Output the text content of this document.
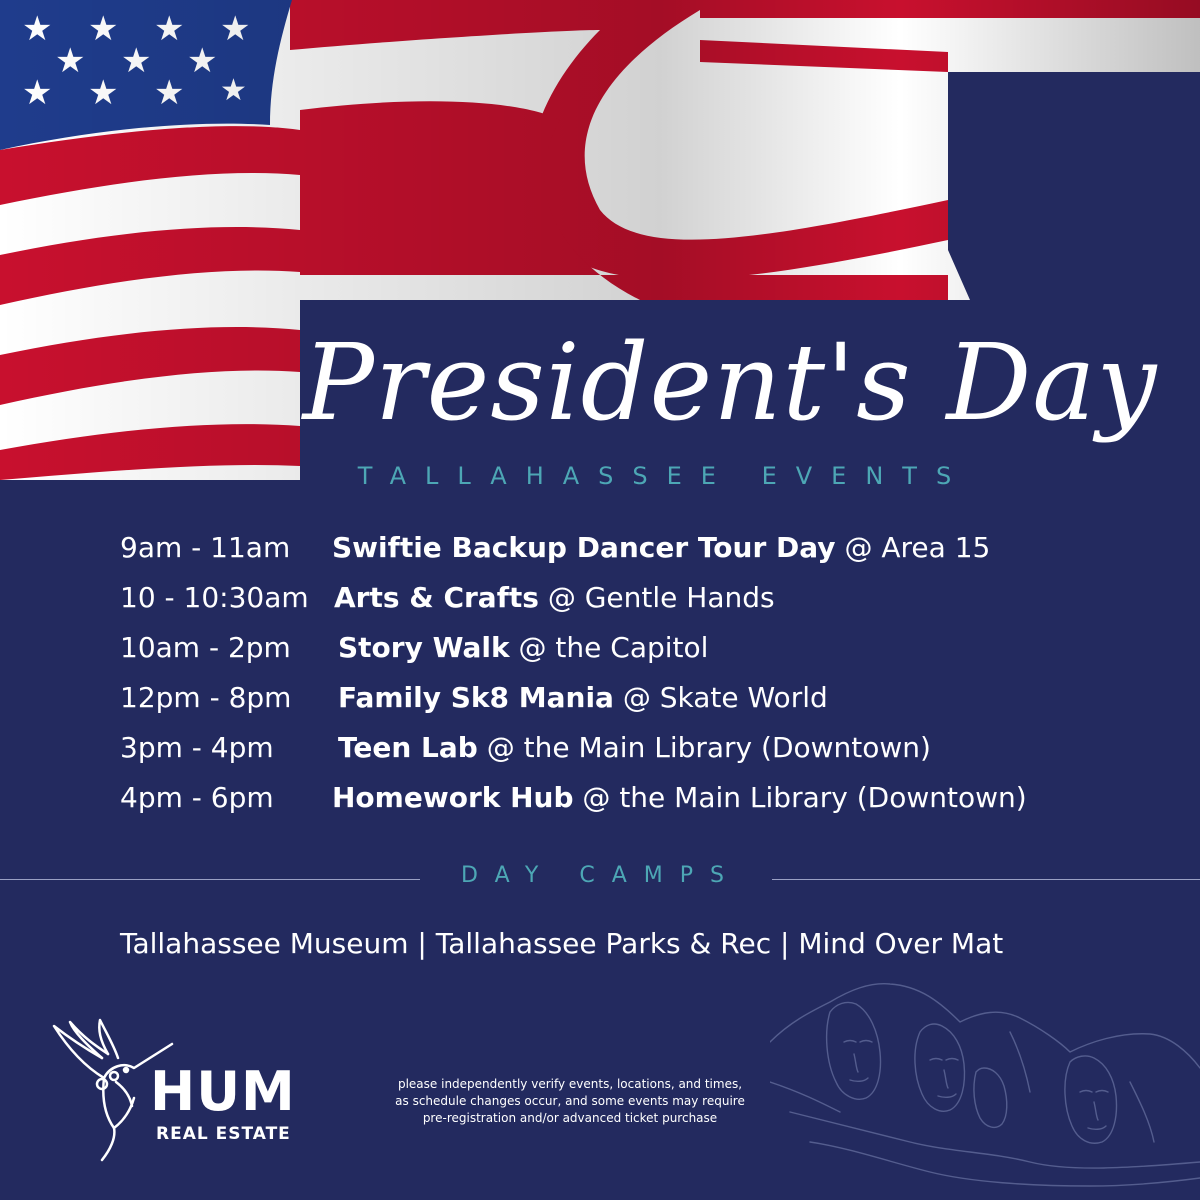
President's Day
TALLAHASSEE EVENTS
9am - 11am Swiftie Backup Dancer Tour Day @ Area 15
10 - 10:30am Arts & Crafts @ Gentle Hands
10am - 2pm Story Walk @ the Capitol
12pm - 8pm Family Sk8 Mania @ Skate World
3pm - 4pm Teen Lab @ the Main Library (Downtown)
4pm - 6pm Homework Hub @ the Main Library (Downtown)
DAY CAMPS
Tallahassee Museum | Tallahassee Parks & Rec | Mind Over Mat
HUM
REAL ESTATE
please independently verify events, locations, and times,
as schedule changes occur, and some events may require
pre-registration and/or advanced ticket purchase
